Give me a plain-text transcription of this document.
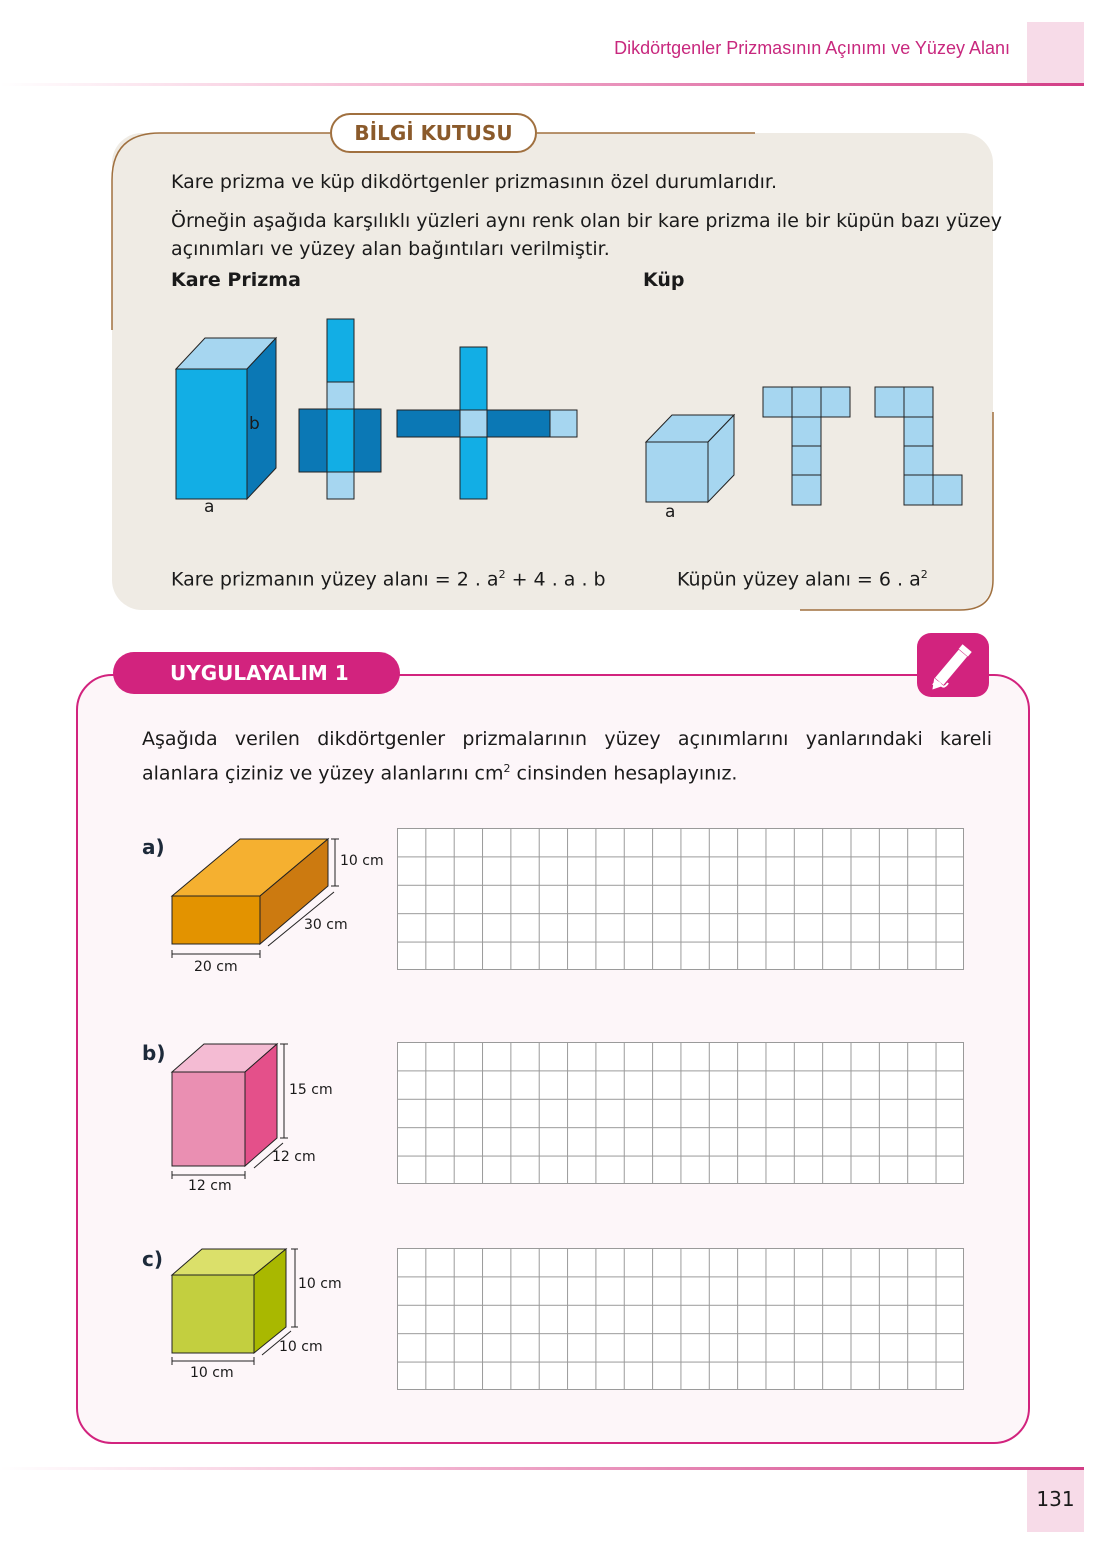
Dikdörtgenler Prizmasının Açınımı ve Yüzey Alanı
BİLGİ KUTUSU
Kare prizma ve küp dikdörtgenler prizmasının özel durumlarıdır.
Örneğin aşağıda karşılıklı yüzleri aynı renk olan bir kare prizma ile bir küpün bazı yüzey
açınımları ve yüzey alan bağıntıları verilmiştir.
Kare Prizma	Küp
b
a	a
Kare prizmanın yüzey alanı = 2 . $a^2 + 4$ . a . b	Küpün yüzey alanı = 6 . $a^2$
UYGULAYALIM 1
Aşağıda verilen dikdörtgenler prizmalarının yüzey açınımlarını yanlarındaki kareli alanlara çiziniz ve yüzey alanlarını $cm^2$ cinsinden hesaplayınız.
a)
10 cm
30 cm
20 cm
b)
15 cm
12 cm
12 cm
c)
10 cm
10 cm
10 cm
131
